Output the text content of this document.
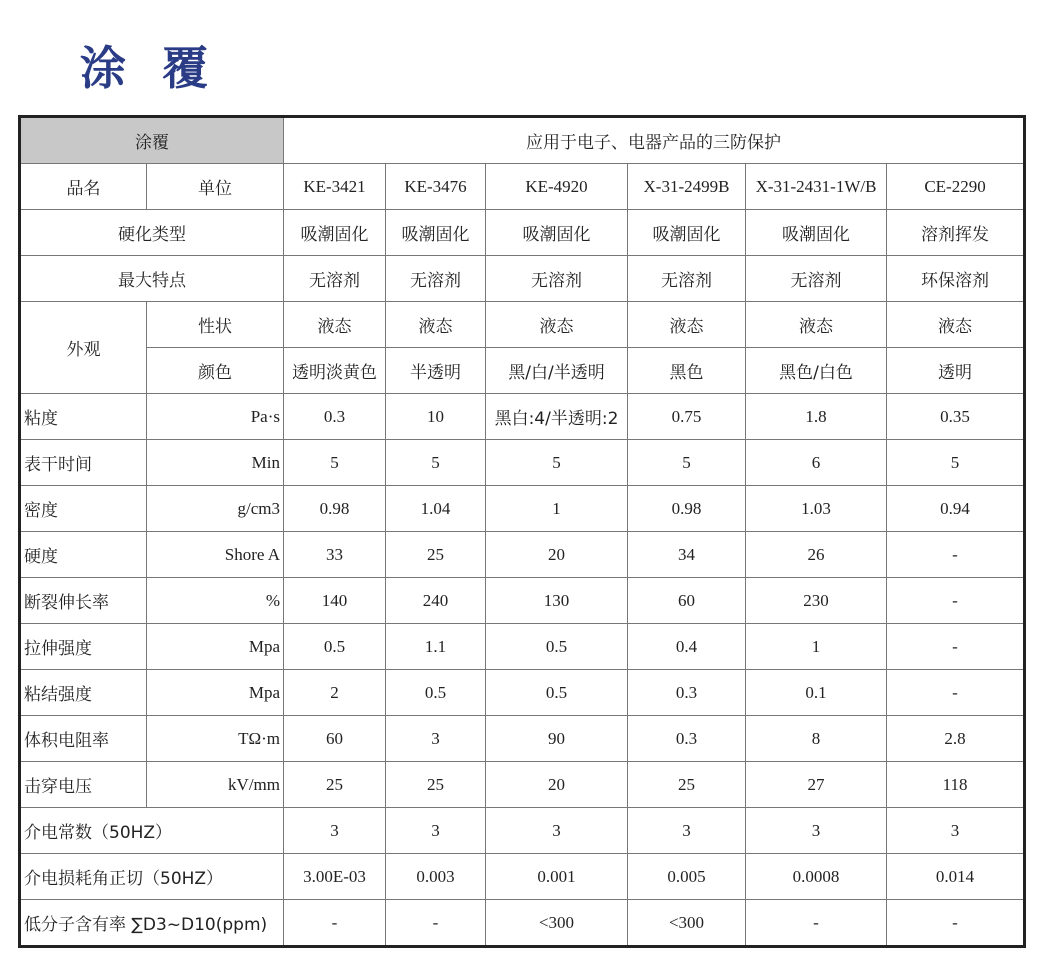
涂 覆
涂覆		应用于电子、电器产品的三防保护					
品名	单位	KE-3421	KE-3476	KE-4920	X-31-2499B	X-31-2431-1W/B	CE-2290
硬化类型		吸潮固化	吸潮固化	吸潮固化	吸潮固化	吸潮固化	溶剂挥发
最大特点		无溶剂	无溶剂	无溶剂	无溶剂	无溶剂	环保溶剂
外观	性状	液态	液态	液态	液态	液态	液态
	颜色	透明淡黄色	半透明	黑/白/半透明	黑色	黑色/白色	透明
粘度	Pa·s	0.3	10	黑白:4/半透明:2	0.75	1.8	0.35
表干时间	Min	5	5	5	5	6	5
密度	g/cm3	0.98	1.04	1	0.98	1.03	0.94
硬度	Shore A	33	25	20	34	26	-
断裂伸长率	%	140	240	130	60	230	-
拉伸强度	Mpa	0.5	1.1	0.5	0.4	1	-
粘结强度	Mpa	2	0.5	0.5	0.3	0.1	-
体积电阻率	TΩ·m	60	3	90	0.3	8	2.8
击穿电压	kV/mm	25	25	20	25	27	118
介电常数（50HZ）		3	3	3	3	3	3
介电损耗角正切（50HZ）		3.00E-03	0.003	0.001	0.005	0.0008	0.014
低分子含有率 ∑D3~D10(ppm)		-	-	<300	<300	-	-
